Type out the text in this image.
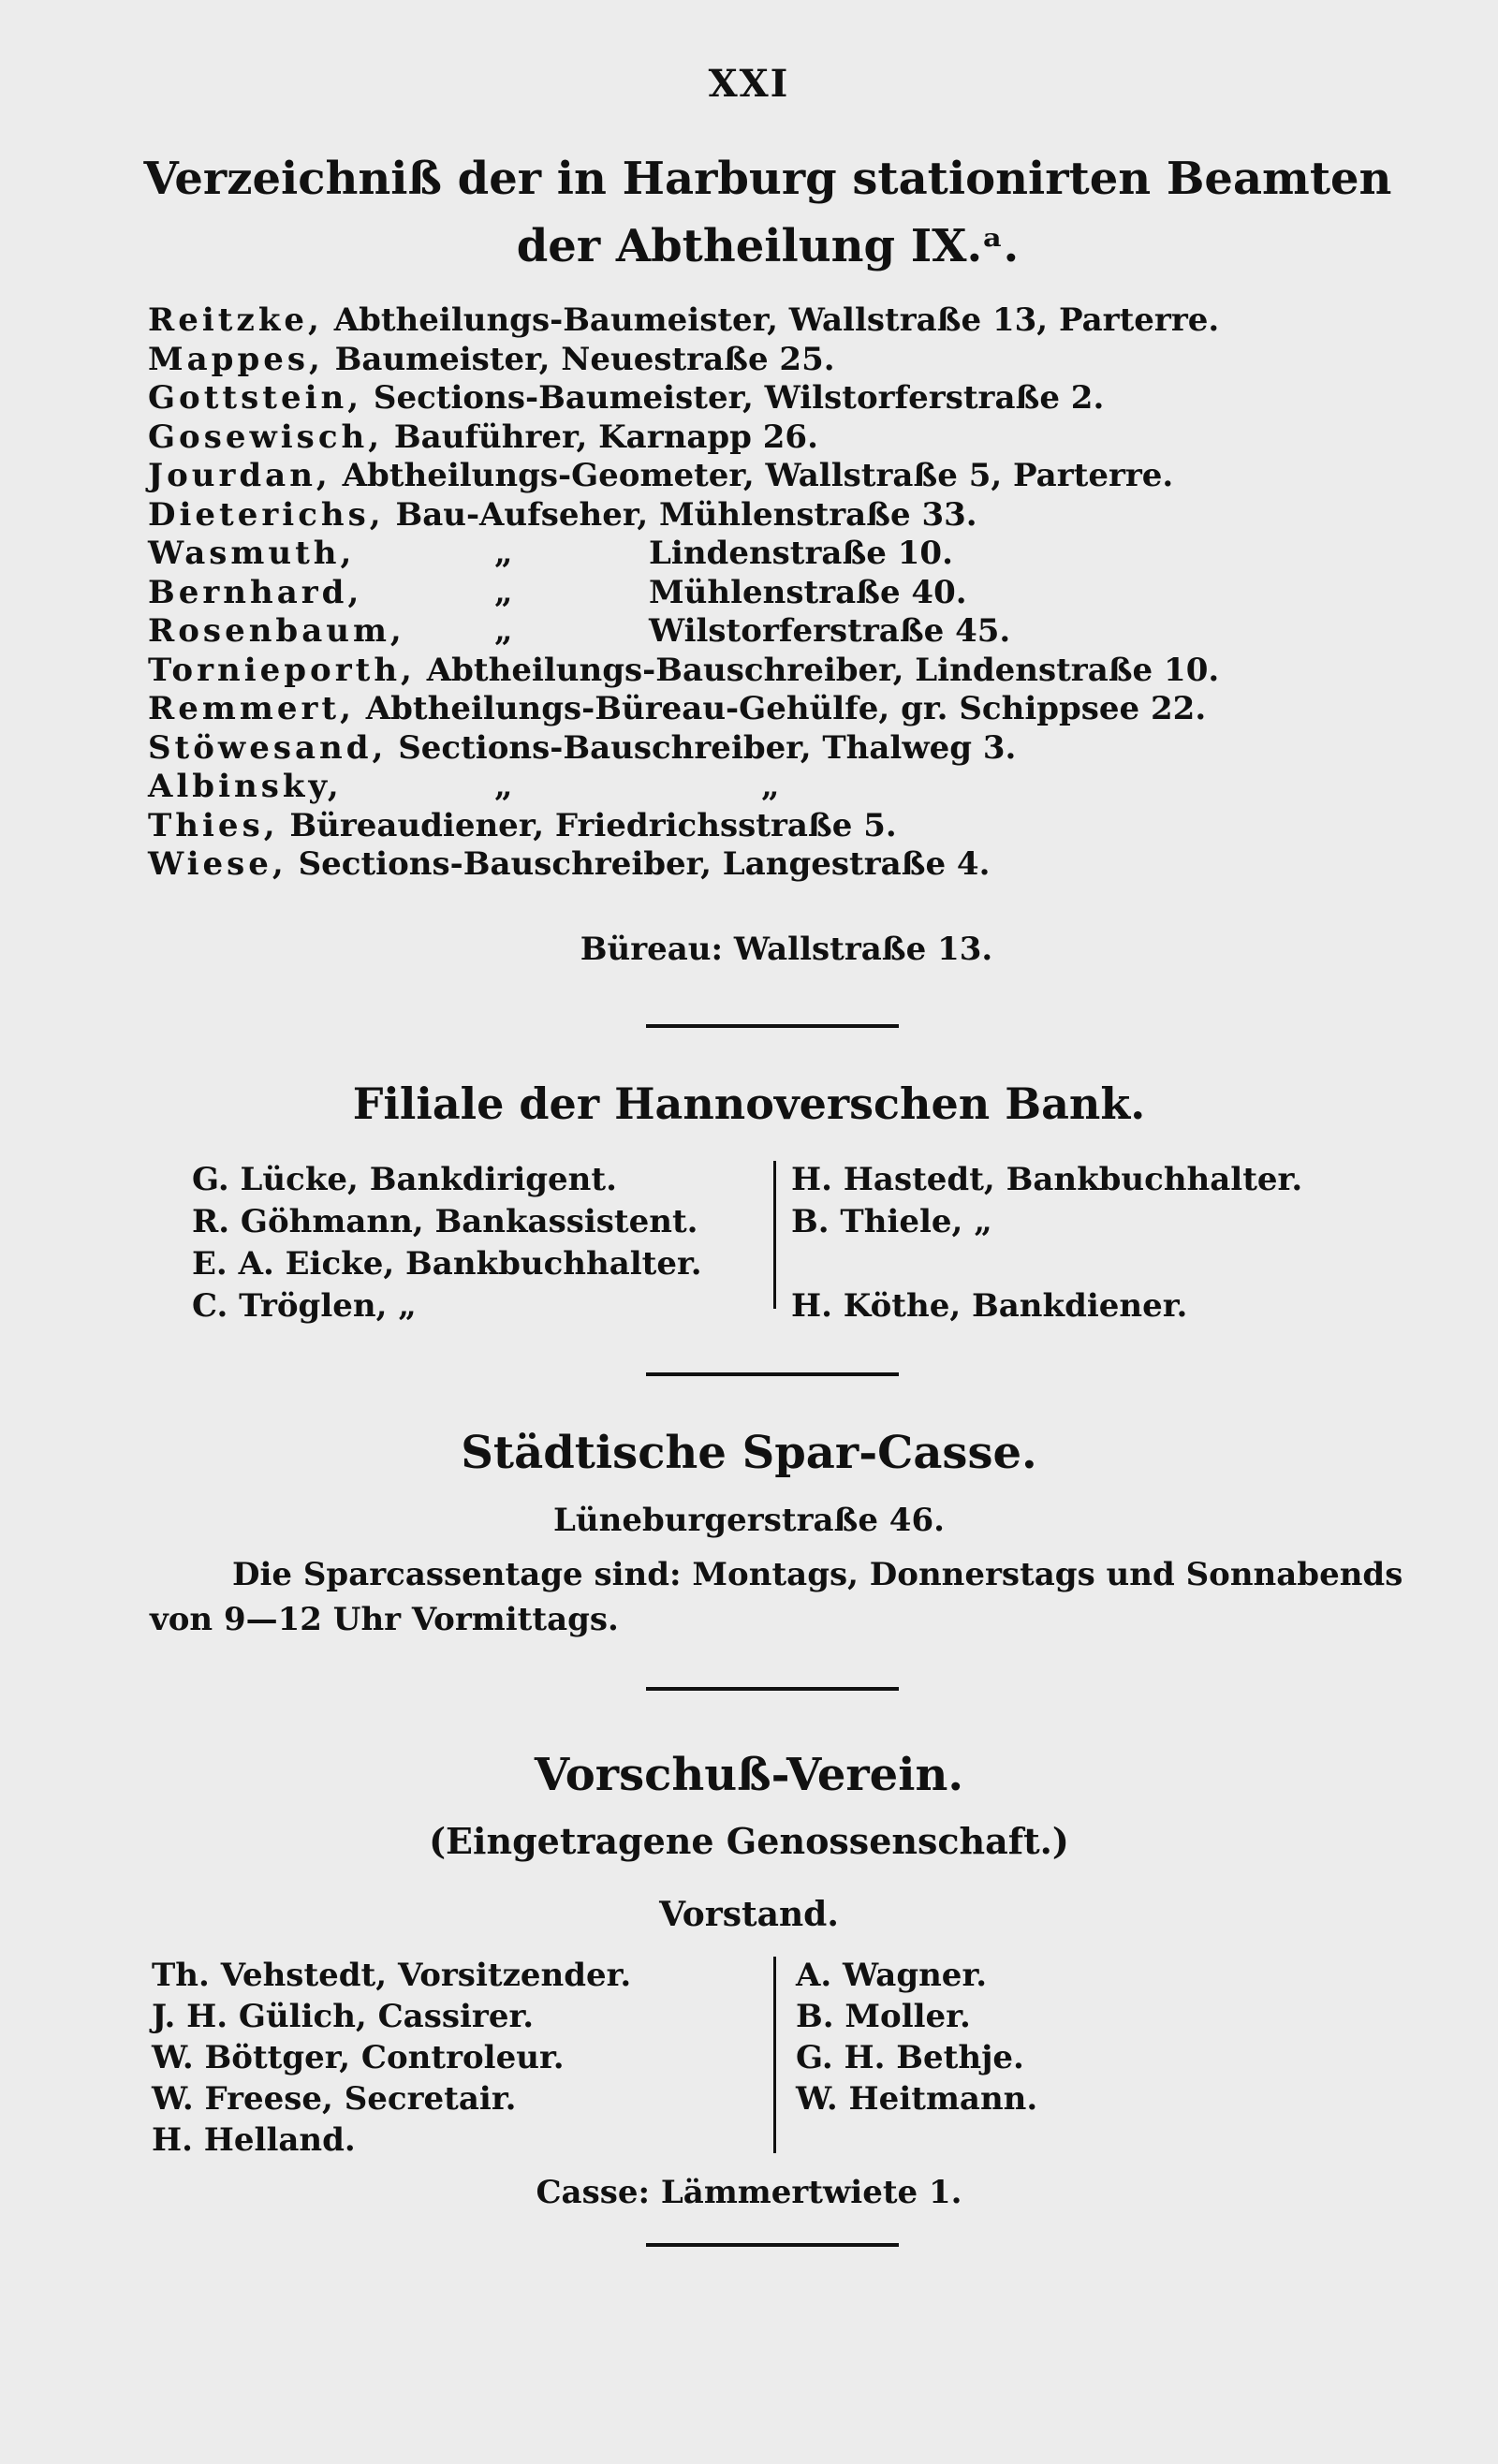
XXI
Verzeichniß der in Harburg stationirten Beamten
der Abtheilung IX.ᵃ.
Reitzke, Abtheilungs-Baumeister, Wallstraße 13, Parterre.
Mappes, Baumeister, Neuestraße 25.
Gottstein, Sections-Baumeister, Wilstorferstraße 2.
Gosewisch, Bauführer, Karnapp 26.
Jourdan, Abtheilungs-Geometer, Wallstraße 5, Parterre.
Dieterichs, Bau-Aufseher, Mühlenstraße 33.
Wasmuth,	„	Lindenstraße 10.
Bernhard,	„	Mühlenstraße 40.
Rosenbaum,	„	Wilstorferstraße 45.
Tornieporth, Abtheilungs-Bauschreiber, Lindenstraße 10.
Remmert, Abtheilungs-Büreau-Gehülfe, gr. Schippsee 22.
Stöwesand, Sections-Bauschreiber, Thalweg 3.
Albinsky,	„	„
Thies, Büreaudiener, Friedrichsstraße 5.
Wiese, Sections-Bauschreiber, Langestraße 4.
Büreau: Wallstraße 13.
Filiale der Hannoverschen Bank.
G. Lücke, Bankdirigent.
R. Göhmann, Bankassistent.
E. A. Eicke, Bankbuchhalter.
C. Tröglen, „
H. Hastedt, Bankbuchhalter.
B. Thiele, „
H. Köthe, Bankdiener.
Städtische Spar-Casse.
Lüneburgerstraße 46.
Die Sparcassentage sind: Montags, Donnerstags und Sonnabends
von 9—12 Uhr Vormittags.
Vorschuß-Verein.
(Eingetragene Genossenschaft.)
Vorstand.
Th. Vehstedt, Vorsitzender.
J. H. Gülich, Cassirer.
W. Böttger, Controleur.
W. Freese, Secretair.
H. Helland.
A. Wagner.
B. Moller.
G. H. Bethje.
W. Heitmann.
Casse: Lämmertwiete 1.
